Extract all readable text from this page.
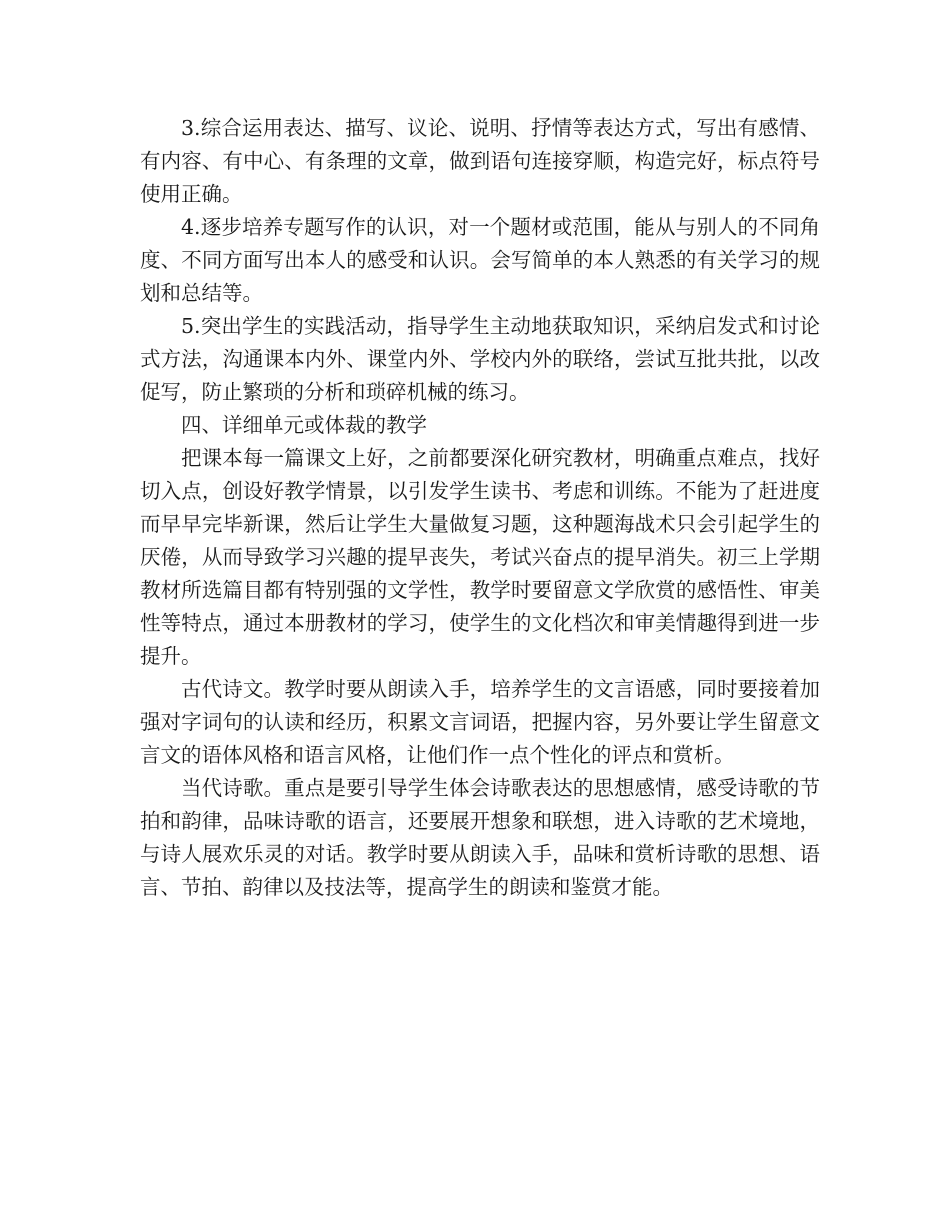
3.综合运用表达、描写、议论、说明、抒情等表达方式，写出有感情、有内容、有中心、有条理的文章，做到语句连接穿顺，构造完好，标点符号使用正确。

4.逐步培养专题写作的认识，对一个题材或范围，能从与别人的不同角度、不同方面写出本人的感受和认识。会写简单的本人熟悉的有关学习的规划和总结等。

5.突出学生的实践活动，指导学生主动地获取知识，采纳启发式和讨论式方法，沟通课本内外、课堂内外、学校内外的联络，尝试互批共批，以改促写，防止繁琐的分析和琐碎机械的练习。

四、详细单元或体裁的教学

把课本每一篇课文上好，之前都要深化研究教材，明确重点难点，找好切入点，创设好教学情景，以引发学生读书、考虑和训练。不能为了赶进度而早早完毕新课，然后让学生大量做复习题，这种题海战术只会引起学生的厌倦，从而导致学习兴趣的提早丧失，考试兴奋点的提早消失。初三上学期教材所选篇目都有特别强的文学性，教学时要留意文学欣赏的感悟性、审美性等特点，通过本册教材的学习，使学生的文化档次和审美情趣得到进一步提升。

古代诗文。教学时要从朗读入手，培养学生的文言语感，同时要接着加强对字词句的认读和经历，积累文言词语，把握内容，另外要让学生留意文言文的语体风格和语言风格，让他们作一点个性化的评点和赏析。

当代诗歌。重点是要引导学生体会诗歌表达的思想感情，感受诗歌的节拍和韵律，品味诗歌的语言，还要展开想象和联想，进入诗歌的艺术境地，与诗人展欢乐灵的对话。教学时要从朗读入手，品味和赏析诗歌的思想、语言、节拍、韵律以及技法等，提高学生的朗读和鉴赏才能。
